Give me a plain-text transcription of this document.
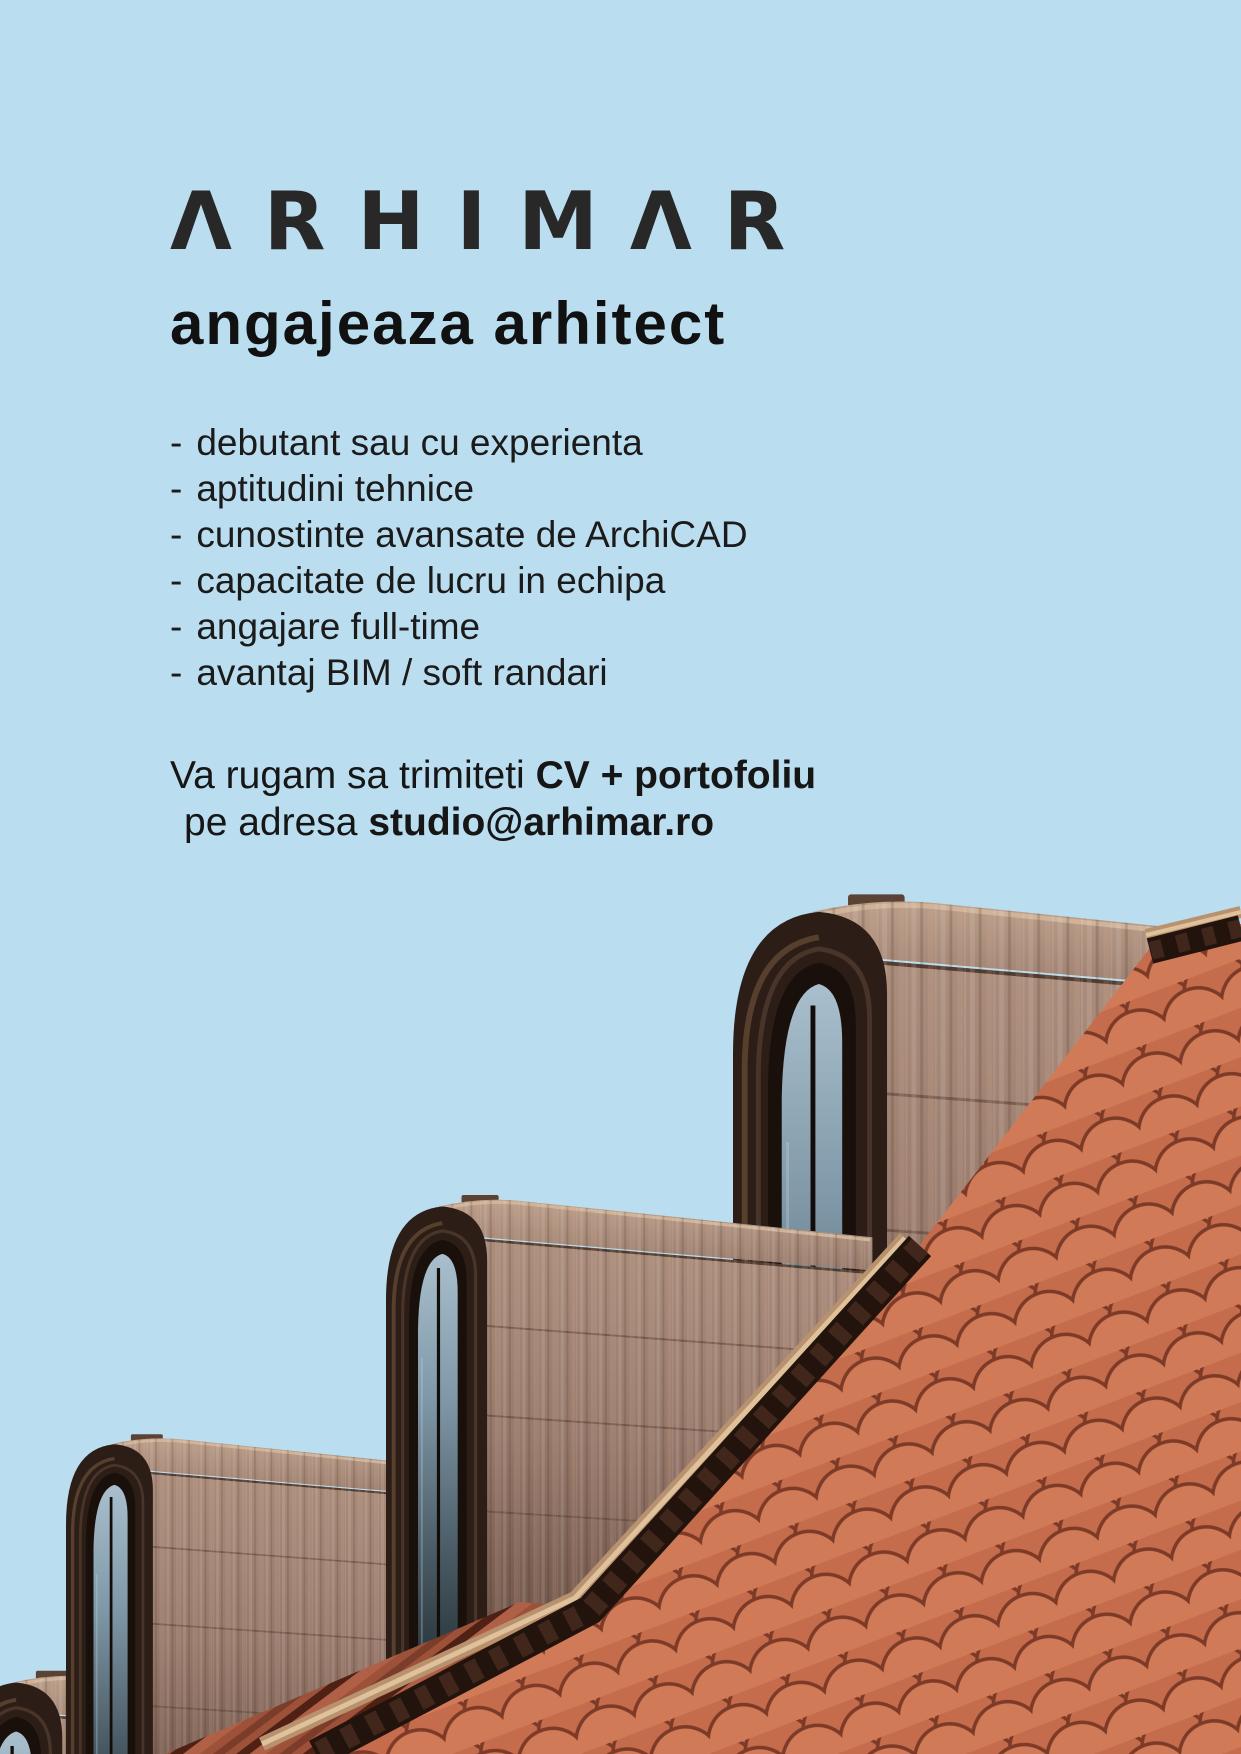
ΛRHIMΛR
angajeaza arhitect
- debutant sau cu experienta
- aptitudini tehnice
- cunostinte avansate de ArchiCAD
- capacitate de lucru in echipa
- angajare full-time
- avantaj BIM / soft randari

Va rugam sa trimiteti CV + portofoliu

pe adresa studio@arhimar.ro
